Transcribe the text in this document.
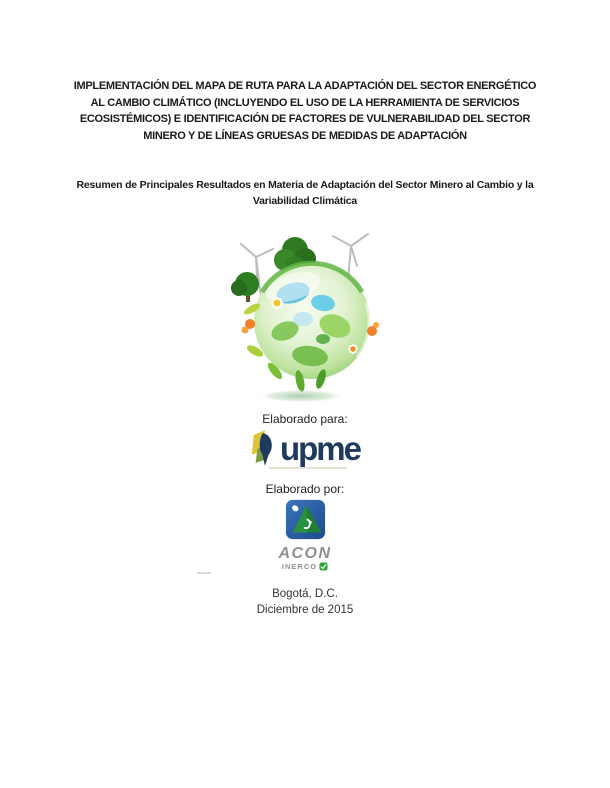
IMPLEMENTACIÓN DEL MAPA DE RUTA PARA LA ADAPTACIÓN DEL SECTOR ENERGÉTICO
AL CAMBIO CLIMÁTICO (INCLUYENDO EL USO DE LA HERRAMIENTA DE SERVICIOS
ECOSISTÉMICOS) E IDENTIFICACIÓN DE FACTORES DE VULNERABILIDAD DEL SECTOR
MINERO Y DE LÍNEAS GRUESAS DE MEDIDAS DE ADAPTACIÓN
Resumen de Principales Resultados en Materia de Adaptación del Sector Minero al Cambio y la
Variabilidad Climática
Elaborado para:
upme
Elaborado por:
ACON
INERCO
Bogotá, D.C.
Diciembre de 2015
